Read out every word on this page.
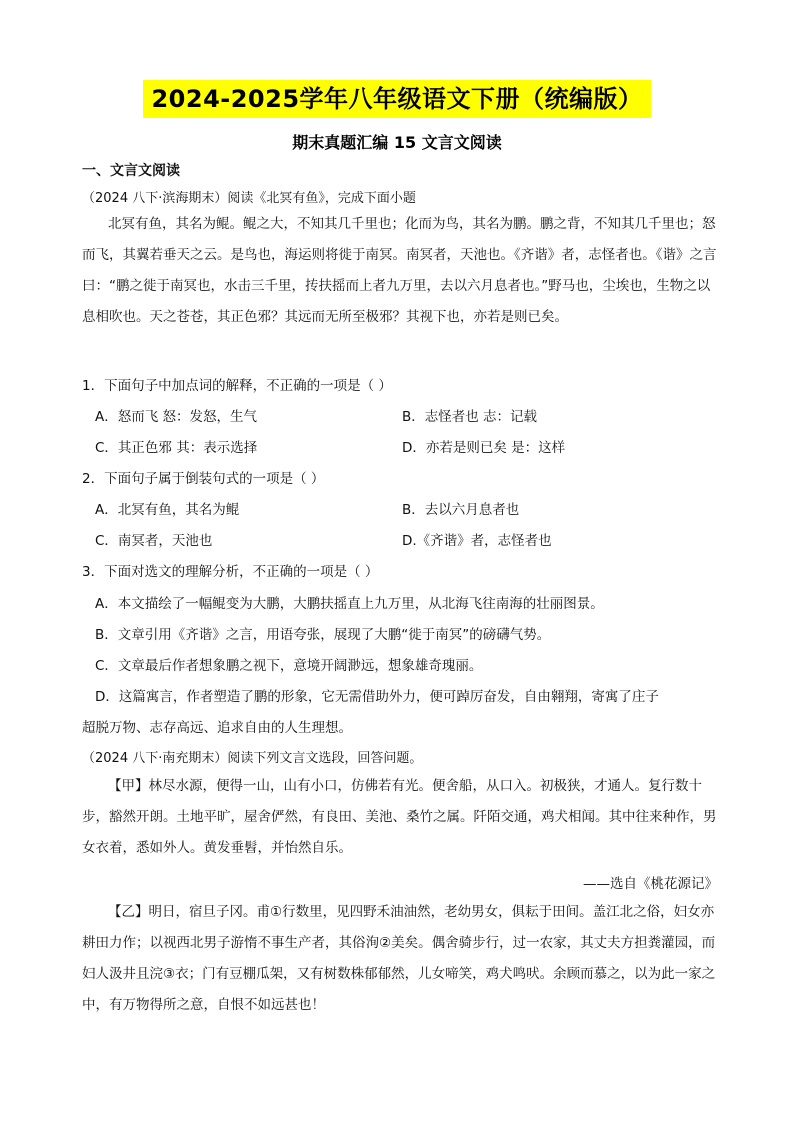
2024-2025学年八年级语文下册（统编版）
期末真题汇编 15 文言文阅读
一、文言文阅读
（2024 八下·滨海期末）阅读《北冥有鱼》，完成下面小题
北冥有鱼，其名为鲲。鲲之大，不知其几千里也；化而为鸟，其名为鹏。鹏之背，不知其几千里也；怒而飞，其翼若垂天之云。是鸟也，海运则将徙于南冥。南冥者，天池也。《齐谐》者，志怪者也。《谐》之言曰：“鹏之徙于南冥也，水击三千里，抟扶摇而上者九万里，去以六月息者也。”野马也，尘埃也，生物之以息相吹也。天之苍苍，其正色邪？其远而无所至极邪？其视下也，亦若是则已矣。
1．下面句子中加点词的解释，不正确的一项是（ ）
A．怒而飞 怒：发怒，生气	B．志怪者也 志：记载
C．其正色邪 其：表示选择	D．亦若是则已矣 是：这样
2．下面句子属于倒装句式的一项是（ ）
A．北冥有鱼，其名为鲲	B．去以六月息者也
C．南冥者，天池也	D.《齐谐》者，志怪者也
3．下面对选文的理解分析，不正确的一项是（ ）
A．本文描绘了一幅鲲变为大鹏，大鹏扶摇直上九万里，从北海飞往南海的壮丽图景。
B．文章引用《齐谐》之言，用语夸张，展现了大鹏“徙于南冥”的磅礴气势。
C．文章最后作者想象鹏之视下，意境开阔渺远，想象雄奇瑰丽。
D．这篇寓言，作者塑造了鹏的形象，它无需借助外力，便可踔厉奋发，自由翱翔，寄寓了庄子
超脱万物、志存高远、追求自由的人生理想。
（2024 八下·南充期末）阅读下列文言文选段，回答问题。
【甲】林尽水源，便得一山，山有小口，仿佛若有光。便舍船，从口入。初极狭，才通人。复行数十步，豁然开朗。土地平旷，屋舍俨然，有良田、美池、桑竹之属。阡陌交通，鸡犬相闻。其中往来种作，男女衣着，悉如外人。黄发垂髫，并怡然自乐。
——选自《桃花源记》
【乙】明日，宿旦子冈。甫①行数里，见四野禾油油然，老幼男女，俱耘于田间。盖江北之俗，妇女亦耕田力作；以视西北男子游惰不事生产者，其俗洵②美矣。偶舍骑步行，过一农家，其丈夫方担粪灌园，而妇人汲井且浣③衣；门有豆棚瓜架，又有树数株郁郁然，儿女啼笑，鸡犬鸣吠。余顾而慕之，以为此一家之中，有万物得所之意，自恨不如远甚也！
